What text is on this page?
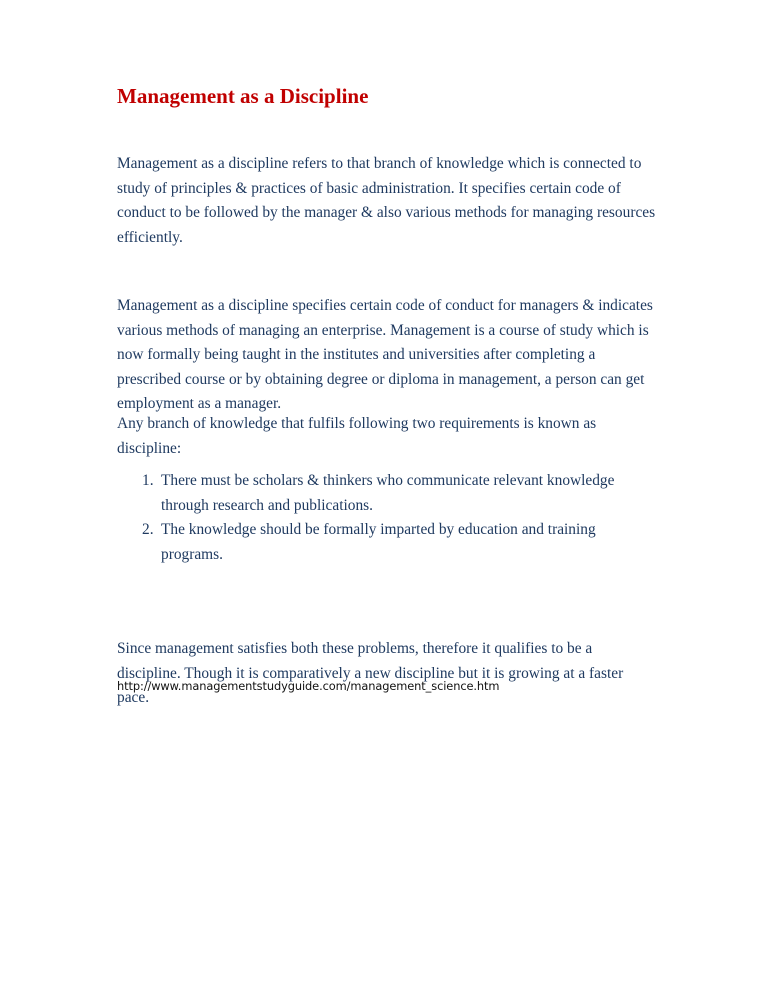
Management as a Discipline

Management as a discipline refers to that branch of knowledge which is connected to study of principles & practices of basic administration. It specifies certain code of conduct to be followed by the manager & also various methods for managing resources efficiently.

Management as a discipline specifies certain code of conduct for managers & indicates various methods of managing an enterprise. Management is a course of study which is now formally being taught in the institutes and universities after completing a prescribed course or by obtaining degree or diploma in management, a person can get employment as a manager.

Any branch of knowledge that fulfils following two requirements is known as discipline:

1. There must be scholars & thinkers who communicate relevant knowledge through research and publications.
2. The knowledge should be formally imparted by education and training programs.

Since management satisfies both these problems, therefore it qualifies to be a discipline. Though it is comparatively a new discipline but it is growing at a faster pace.

http://www.managementstudyguide.com/management_science.htm
